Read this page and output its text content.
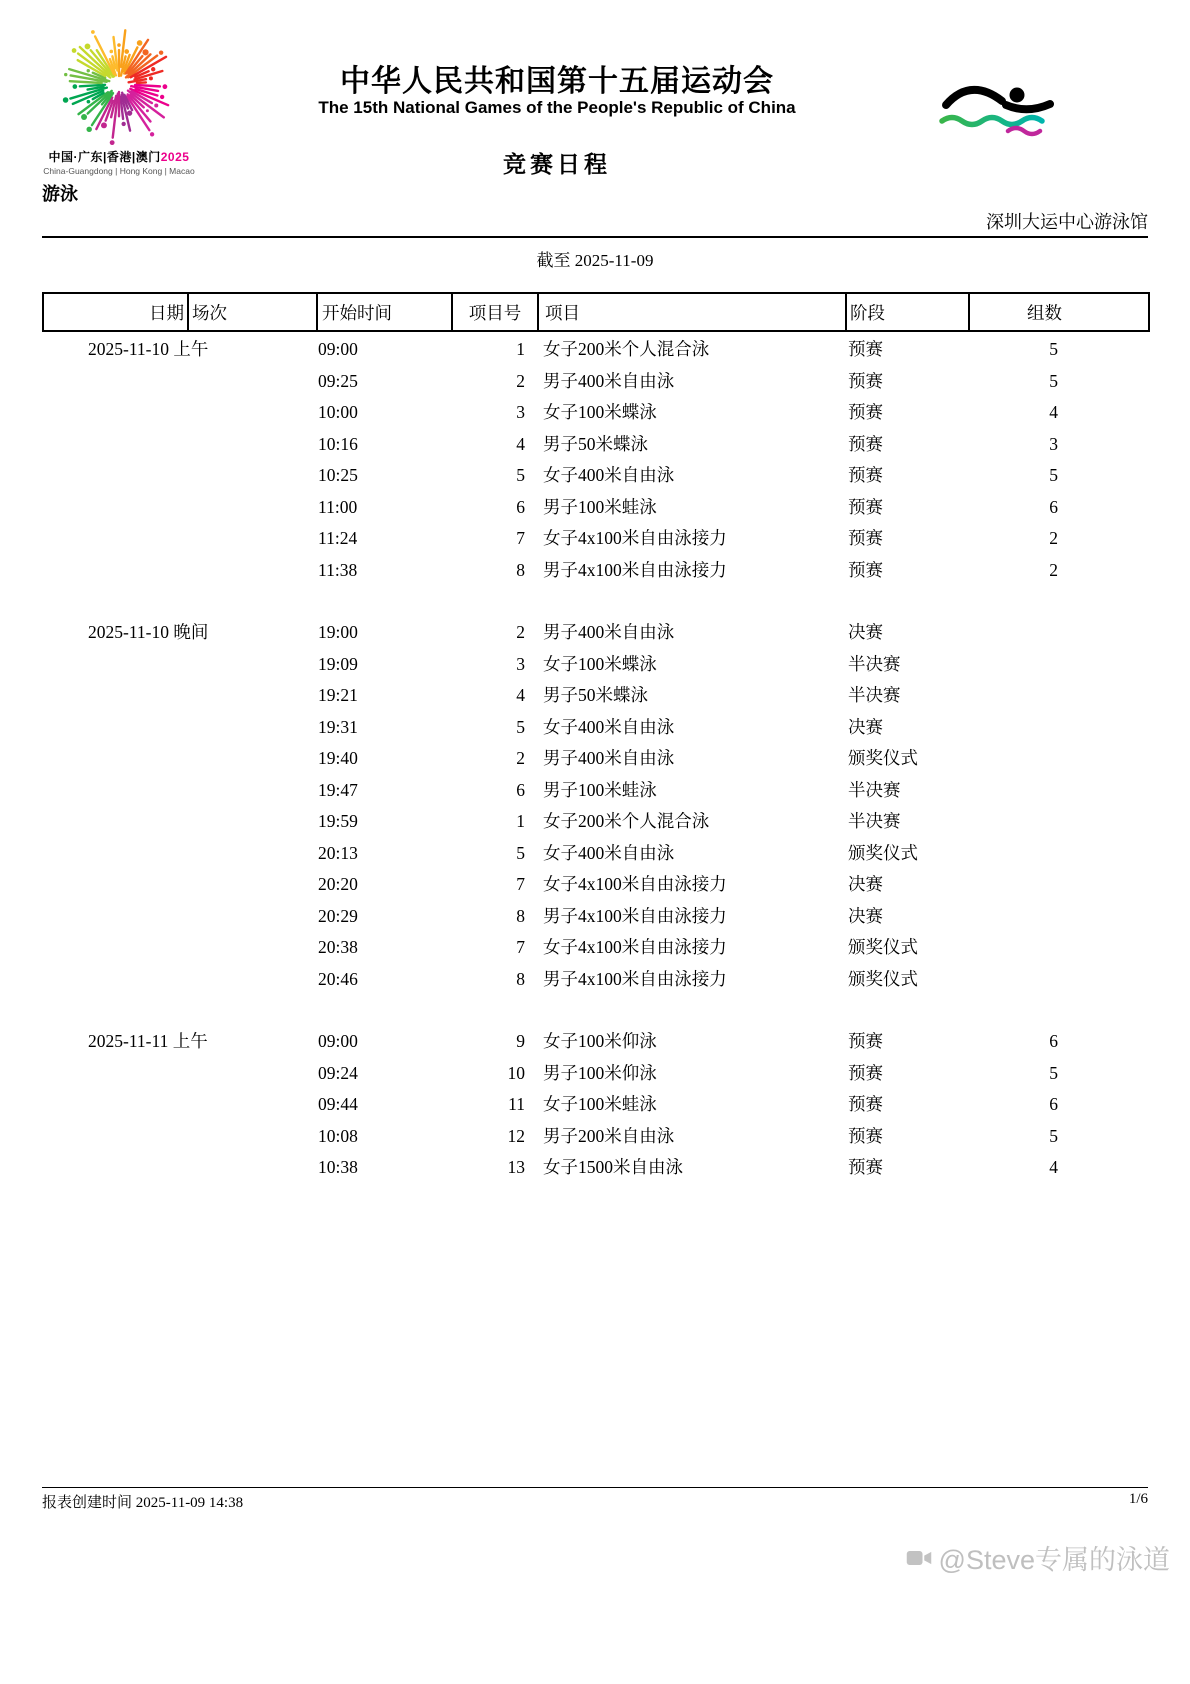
中国·广东|香港|澳门2025
China-Guangdong | Hong Kong | Macao
中华人民共和国第十五届运动会
The 15th National Games of the People's Republic of China
竞赛日程
游泳
深圳大运中心游泳馆
截至 2025-11-09
日期	场次	开始时间	项目号	项目	阶段	组数
2025-11-10 上午	09:00	1	女子200米个人混合泳	预赛	5
09:25	2	男子400米自由泳	预赛	5
10:00	3	女子100米蝶泳	预赛	4
10:16	4	男子50米蝶泳	预赛	3
10:25	5	女子400米自由泳	预赛	5
11:00	6	男子100米蛙泳	预赛	6
11:24	7	女子4x100米自由泳接力	预赛	2
11:38	8	男子4x100米自由泳接力	预赛	2
2025-11-10 晚间	19:00	2	男子400米自由泳	决赛
19:09	3	女子100米蝶泳	半决赛
19:21	4	男子50米蝶泳	半决赛
19:31	5	女子400米自由泳	决赛
19:40	2	男子400米自由泳	颁奖仪式
19:47	6	男子100米蛙泳	半决赛
19:59	1	女子200米个人混合泳	半决赛
20:13	5	女子400米自由泳	颁奖仪式
20:20	7	女子4x100米自由泳接力	决赛
20:29	8	男子4x100米自由泳接力	决赛
20:38	7	女子4x100米自由泳接力	颁奖仪式
20:46	8	男子4x100米自由泳接力	颁奖仪式
2025-11-11 上午	09:00	9	女子100米仰泳	预赛	6
09:24	10	男子100米仰泳	预赛	5
09:44	11	女子100米蛙泳	预赛	6
10:08	12	男子200米自由泳	预赛	5
10:38	13	女子1500米自由泳	预赛	4
报表创建时间 2025-11-09 14:38	1/6
@Steve专属的泳道
